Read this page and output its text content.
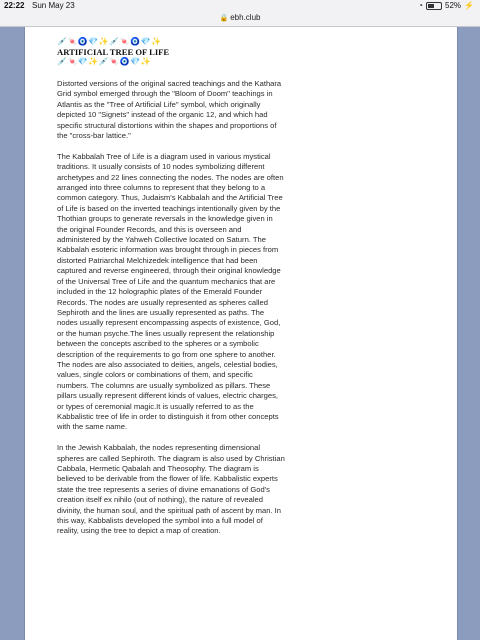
22:22 Sun May 23	◔	52% ⚡
🔒 ebh.club
💉🍬🧿💎✨💉🍬🧿💎✨
ARTIFICIAL TREE OF LIFE
💉🍬💎✨💉🍬🧿💎✨

Distorted versions of the original sacred teachings and the Kathara Grid symbol emerged through the "Bloom of Doom" teachings in Atlantis as the "Tree of Artificial Life" symbol, which originally depicted 10 "Signets" instead of the organic 12, and which had specific structural distortions within the shapes and proportions of the "cross-bar lattice."

The Kabbalah Tree of Life is a diagram used in various mystical traditions. It usually consists of 10 nodes symbolizing different archetypes and 22 lines connecting the nodes. The nodes are often arranged into three columns to represent that they belong to a common category. Thus, Judaism's Kabbalah and the Artificial Tree of Life is based on the inverted teachings intentionally given by the Thothian groups to generate reversals in the knowledge given in the original Founder Records, and this is overseen and administered by the Yahweh Collective located on Saturn. The Kabbalah esoteric information was brought through in pieces from distorted Patriarchal Melchizedek intelligence that had been captured and reverse engineered, through their original knowledge of the Universal Tree of Life and the quantum mechanics that are included in the 12 holographic plates of the Emerald Founder Records. The nodes are usually represented as spheres called Sephiroth and the lines are usually represented as paths. The nodes usually represent encompassing aspects of existence, God, or the human psyche.The lines usually represent the relationship between the concepts ascribed to the spheres or a symbolic description of the requirements to go from one sphere to another. The nodes are also associated to deities, angels, celestial bodies, values, single colors or combinations of them, and specific numbers. The columns are usually symbolized as pillars. These pillars usually represent different kinds of values, electric charges, or types of ceremonial magic.It is usually referred to as the Kabbalistic tree of life in order to distinguish it from other concepts with the same name.

In the Jewish Kabbalah, the nodes representing dimensional spheres are called Sephiroth. The diagram is also used by Christian Cabbala, Hermetic Qabalah and Theosophy. The diagram is believed to be derivable from the flower of life. Kabbalistic experts state the tree represents a series of divine emanations of God's creation itself ex nihilo (out of nothing), the nature of revealed divinity, the human soul, and the spiritual path of ascent by man. In this way, Kabbalists developed the symbol into a full model of reality, using the tree to depict a map of creation.
